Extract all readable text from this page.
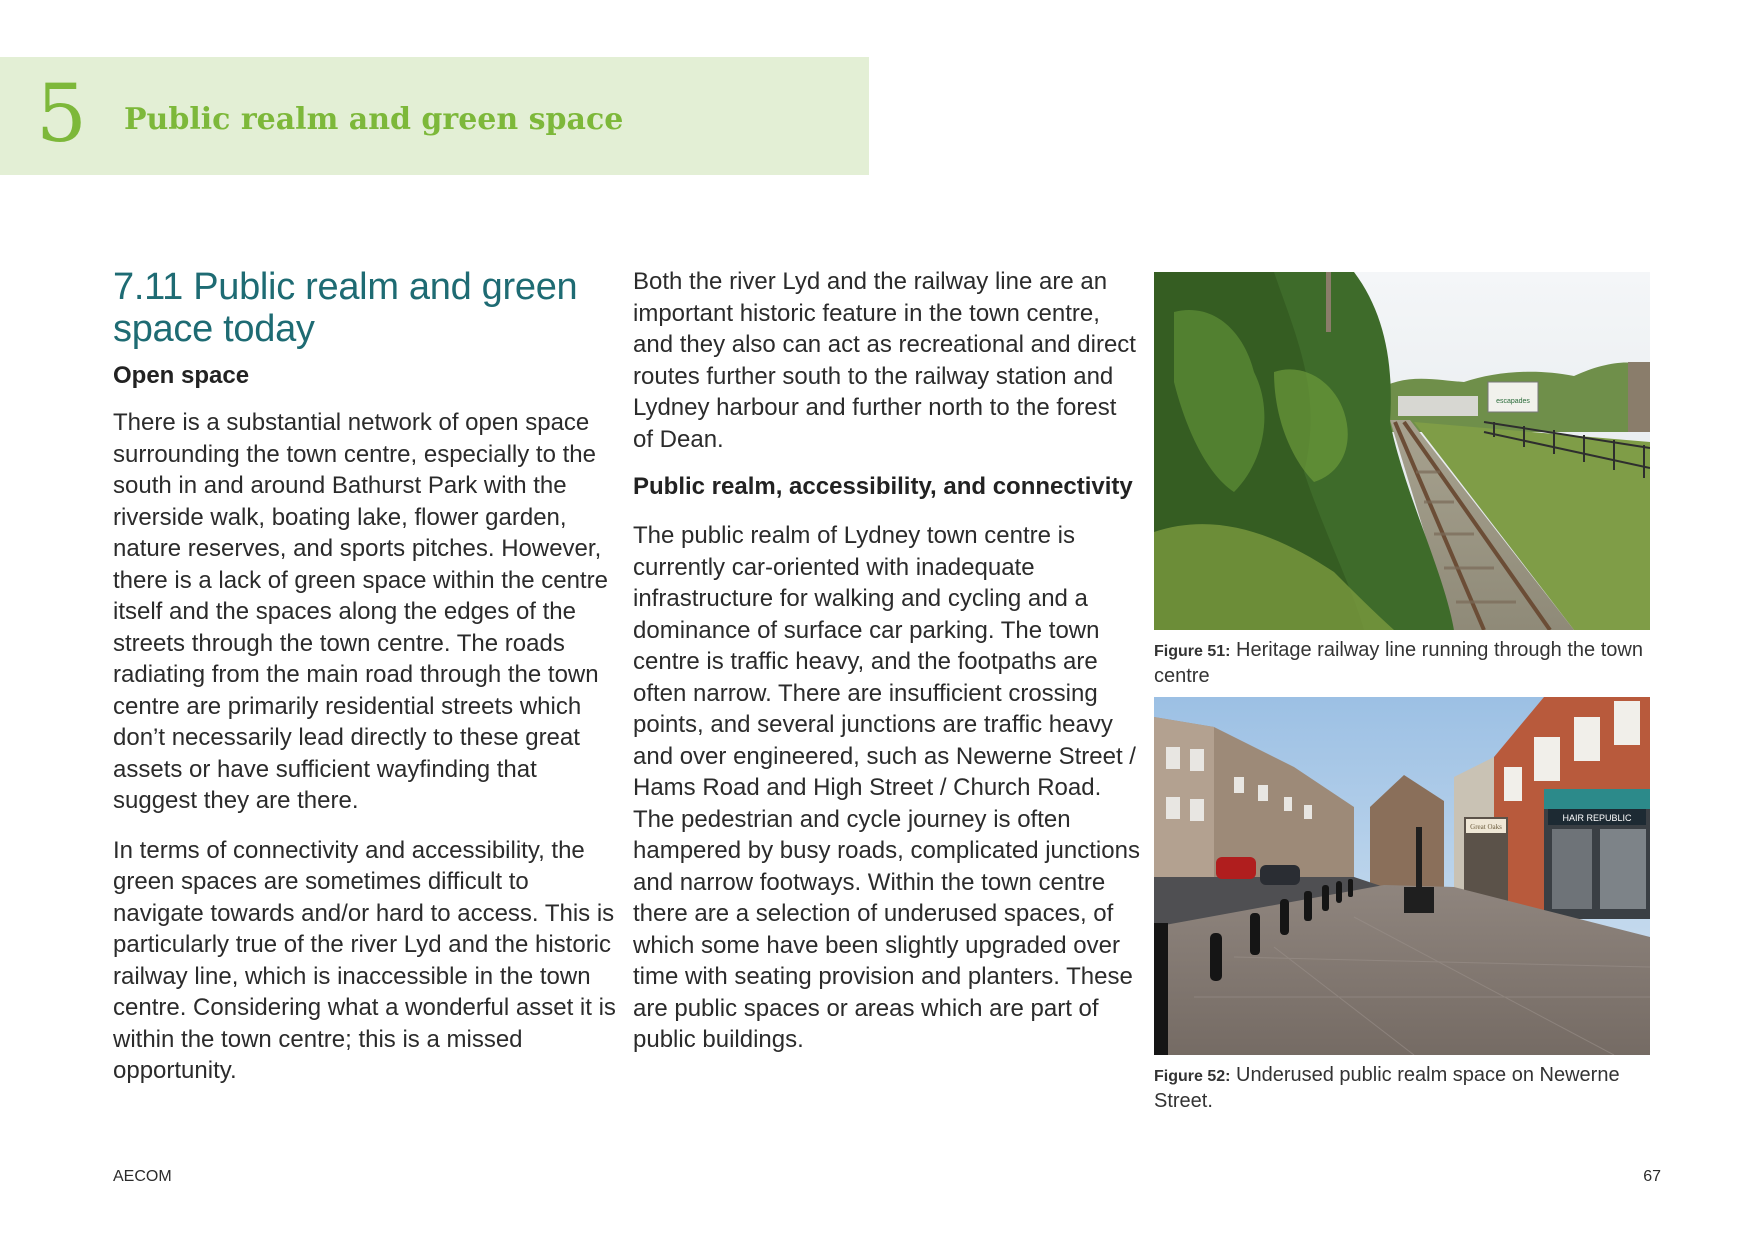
5 Public realm and green space
7.11 Public realm and green space today
Open space

There is a substantial network of open space surrounding the town centre, especially to the south in and around Bathurst Park with the riverside walk, boating lake, flower garden, nature reserves, and sports pitches. However, there is a lack of green space within the centre itself and the spaces along the edges of the streets through the town centre. The roads radiating from the main road through the town centre are primarily residential streets which don’t necessarily lead directly to these great assets or have sufficient wayfinding that suggest they are there.

In terms of connectivity and accessibility, the green spaces are sometimes difficult to navigate towards and/or hard to access. This is particularly true of the river Lyd and the historic railway line, which is inaccessible in the town centre. Considering what a wonderful asset it is within the town centre; this is a missed opportunity.

Both the river Lyd and the railway line are an important historic feature in the town centre, and they also can act as recreational and direct routes further south to the railway station and Lydney harbour and further north to the forest of Dean.

Public realm, accessibility, and connectivity

The public realm of Lydney town centre is currently car-oriented with inadequate infrastructure for walking and cycling and a dominance of surface car parking. The town centre is traffic heavy, and the footpaths are often narrow. There are insufficient crossing points, and several junctions are traffic heavy and over engineered, such as Newerne Street / Hams Road and High Street / Church Road. The pedestrian and cycle journey is often hampered by busy roads, complicated junctions and narrow footways. Within the town centre there are a selection of underused spaces, of which some have been slightly upgraded over time with seating provision and planters. These are public spaces or areas which are part of public buildings.

escapades
Figure 51: Heritage railway line running through the town centre
Great Oaks
HAIR REPUBLIC
Figure 52: Underused public realm space on Newerne Street.
AECOM	67
